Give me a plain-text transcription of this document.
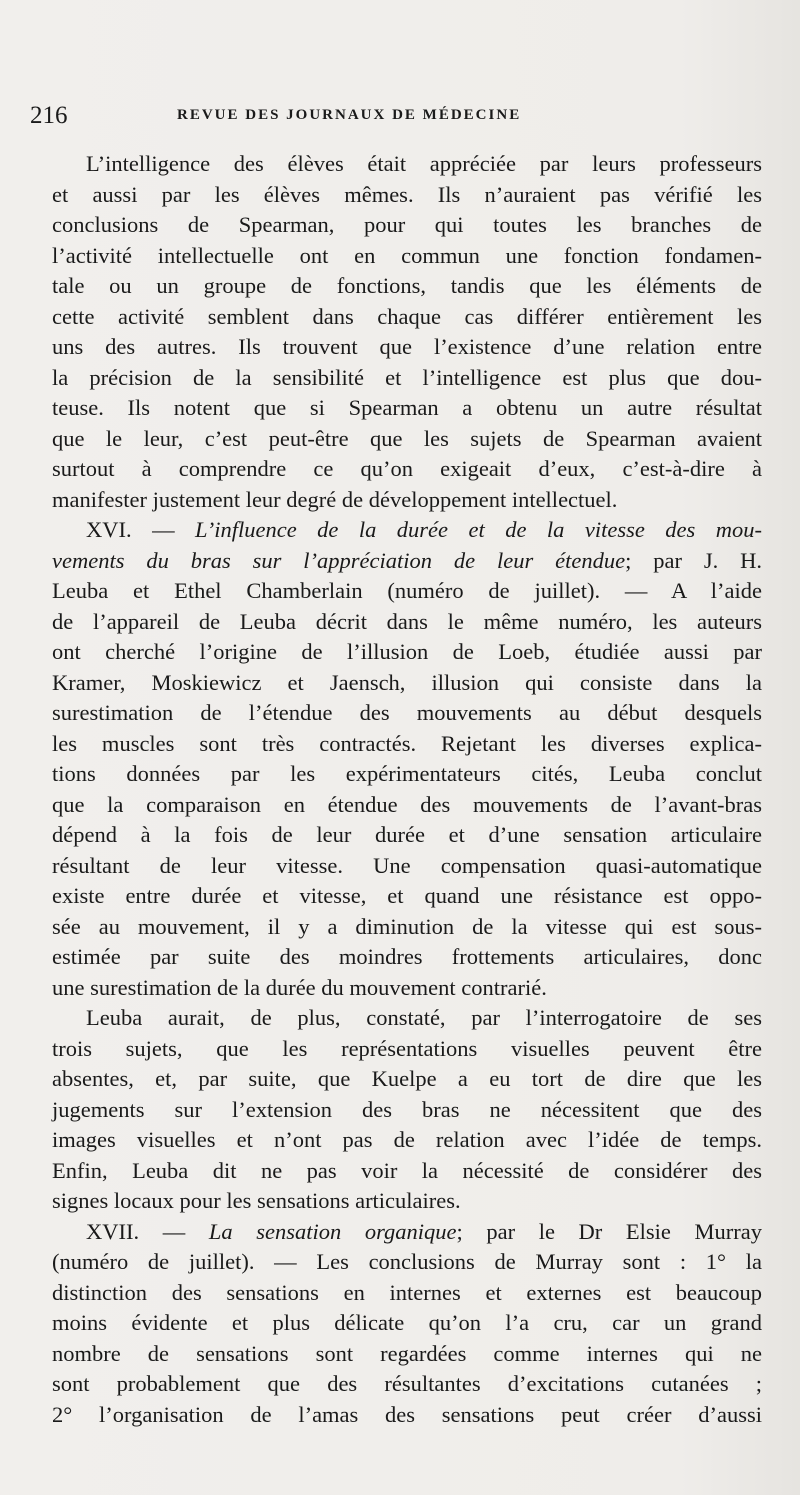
216	REVUE DES JOURNAUX DE MÉDECINE
L’intelligence des élèves était appréciée par leurs professeurs
et aussi par les élèves mêmes. Ils n’auraient pas vérifié les
conclusions de Spearman, pour qui toutes les branches de
l’activité intellectuelle ont en commun une fonction fondamen-
tale ou un groupe de fonctions, tandis que les éléments de
cette activité semblent dans chaque cas différer entièrement les
uns des autres. Ils trouvent que l’existence d’une relation entre
la précision de la sensibilité et l’intelligence est plus que dou-
teuse. Ils notent que si Spearman a obtenu un autre résultat
que le leur, c’est peut-être que les sujets de Spearman avaient
surtout à comprendre ce qu’on exigeait d’eux, c’est-à-dire à
manifester justement leur degré de développement intellectuel.
XVI. — L’influence de la durée et de la vitesse des mou-
vements du bras sur l’appréciation de leur étendue; par J. H.
Leuba et Ethel Chamberlain (numéro de juillet). — A l’aide
de l’appareil de Leuba décrit dans le même numéro, les auteurs
ont cherché l’origine de l’illusion de Loeb, étudiée aussi par
Kramer, Moskiewicz et Jaensch, illusion qui consiste dans la
surestimation de l’étendue des mouvements au début desquels
les muscles sont très contractés. Rejetant les diverses explica-
tions données par les expérimentateurs cités, Leuba conclut
que la comparaison en étendue des mouvements de l’avant-bras
dépend à la fois de leur durée et d’une sensation articulaire
résultant de leur vitesse. Une compensation quasi-automatique
existe entre durée et vitesse, et quand une résistance est oppo-
sée au mouvement, il y a diminution de la vitesse qui est sous-
estimée par suite des moindres frottements articulaires, donc
une surestimation de la durée du mouvement contrarié.
Leuba aurait, de plus, constaté, par l’interrogatoire de ses
trois sujets, que les représentations visuelles peuvent être
absentes, et, par suite, que Kuelpe a eu tort de dire que les
jugements sur l’extension des bras ne nécessitent que des
images visuelles et n’ont pas de relation avec l’idée de temps.
Enfin, Leuba dit ne pas voir la nécessité de considérer des
signes locaux pour les sensations articulaires.
XVII. — La sensation organique; par le Dr Elsie Murray
(numéro de juillet). — Les conclusions de Murray sont : 1° la
distinction des sensations en internes et externes est beaucoup
moins évidente et plus délicate qu’on l’a cru, car un grand
nombre de sensations sont regardées comme internes qui ne
sont probablement que des résultantes d’excitations cutanées ;
2° l’organisation de l’amas des sensations peut créer d’aussi
